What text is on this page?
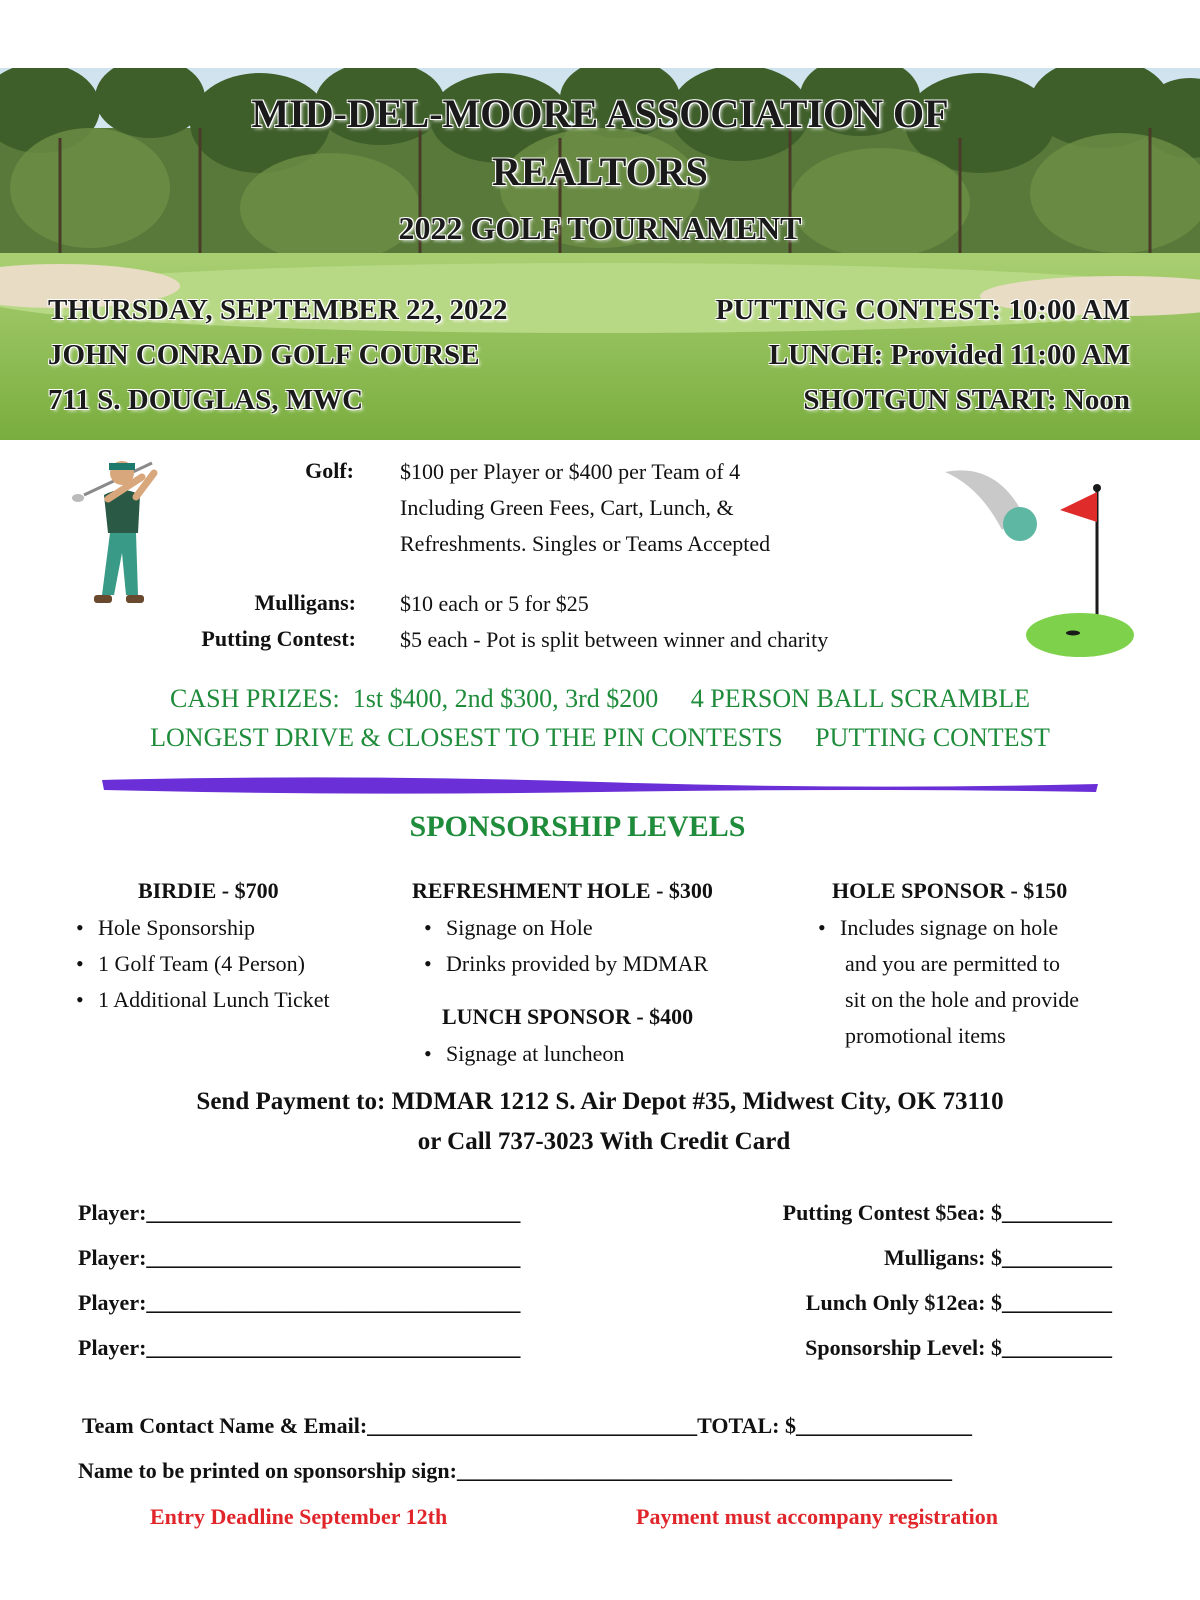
MID-DEL-MOORE ASSOCIATION OF
REALTORS
2022 GOLF TOURNAMENT
THURSDAY, SEPTEMBER 22, 2022
JOHN CONRAD GOLF COURSE
711 S. DOUGLAS, MWC
PUTTING CONTEST: 10:00 AM
LUNCH: Provided 11:00 AM
SHOTGUN START: Noon
Golf: $100 per Player or $400 per Team of 4
Including Green Fees, Cart, Lunch, &
Refreshments. Singles or Teams Accepted
Mulligans: $10 each or 5 for $25
Putting Contest: $5 each - Pot is split between winner and charity
CASH PRIZES:  1st $400, 2nd $300, 3rd $200     4 PERSON BALL SCRAMBLE
LONGEST DRIVE & CLOSEST TO THE PIN CONTESTS     PUTTING CONTEST
SPONSORSHIP LEVELS
BIRDIE - $700
• Hole Sponsorship
• 1 Golf Team (4 Person)
• 1 Additional Lunch Ticket
REFRESHMENT HOLE - $300
• Signage on Hole
• Drinks provided by MDMAR
LUNCH SPONSOR - $400
• Signage at luncheon
HOLE SPONSOR - $150
• Includes signage on hole
and you are permitted to
sit on the hole and provide
promotional items
Send Payment to: MDMAR 1212 S. Air Depot #35, Midwest City, OK 73110
or Call 737-3023 With Credit Card
Player:__________________________________
Player:__________________________________
Player:__________________________________
Player:__________________________________
Putting Contest $5ea: $__________
Mulligans: $__________
Lunch Only $12ea: $__________
Sponsorship Level: $__________
Team Contact Name & Email:______________________________TOTAL: $________________
Name to be printed on sponsorship sign:_____________________________________________
Entry Deadline September 12th	Payment must accompany registration
